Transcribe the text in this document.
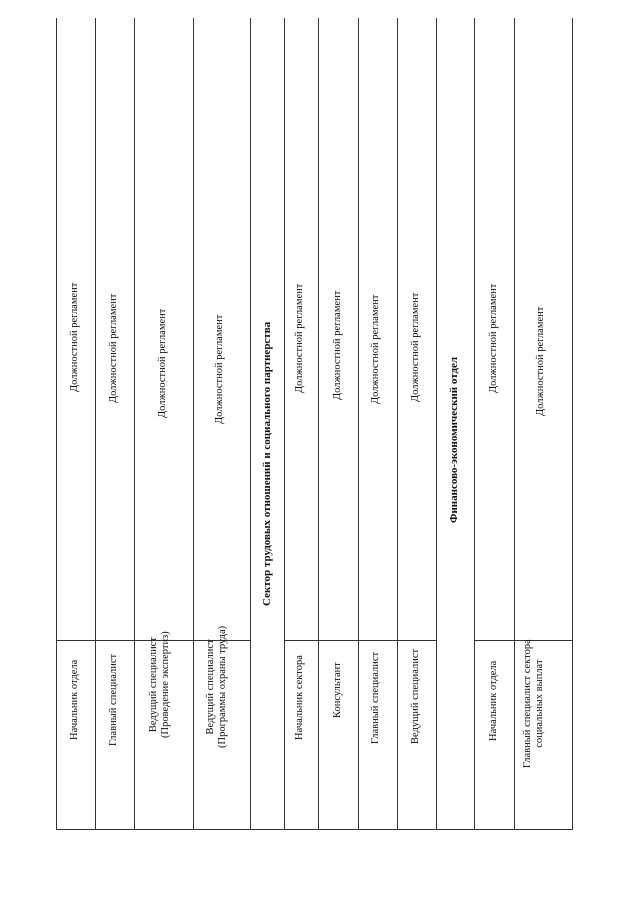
Начальник отдела
Должностной регламент
Главный специалист
Должностной регламент
Ведущий специалист (Проведение экспертиз)
Должностной регламент
Ведущий специалист (Программы охраны труда)
Должностной регламент	Сектор трудовых отношений и социального партнерства
Начальник сектора
Должностной регламент
Консультант
Должностной регламент
Главный специалист
Должностной регламент
Ведущий специалист
Должностной регламент
Финансово-экономический отдел
Начальник отдела
Должностной регламент
Главный специалист сектора социальных выплат
Должностной регламент
